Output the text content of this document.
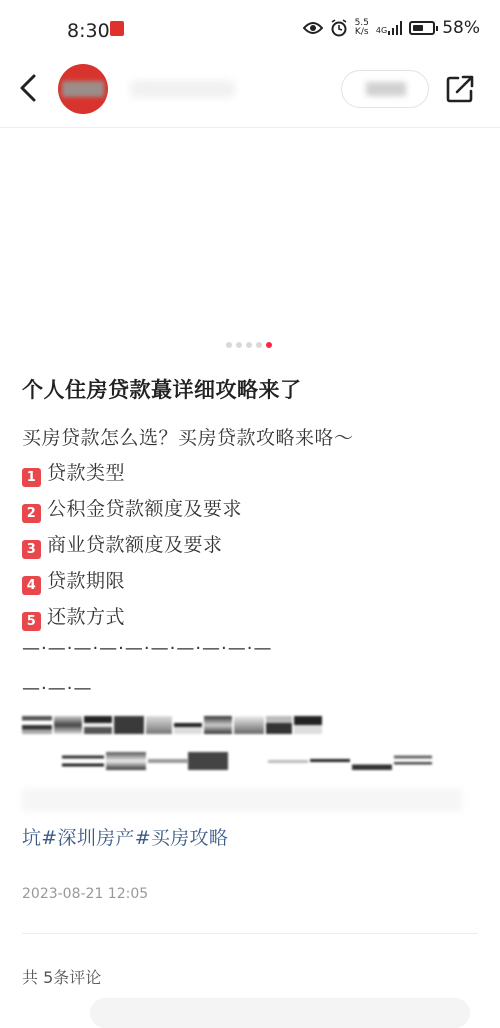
8:30	5.5
K/s 4G	58%
个人住房贷款蕞详细攻略来了
买房贷款怎么选？买房贷款攻略来咯～
1 贷款类型
2 公积金贷款额度及要求
3 商业贷款额度及要求
4 贷款期限
5 还款方式
—·—·—·—·—·—·—·—·—·—
—·—·—
坑#深圳房产#买房攻略
2023-08-21 12:05
共 5条评论
